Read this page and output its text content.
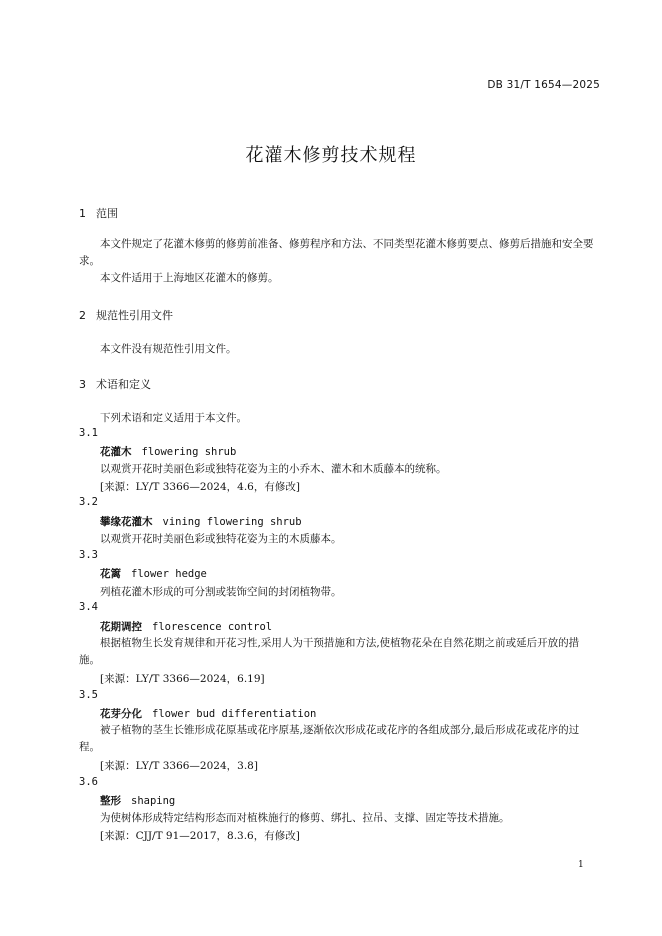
DB 31/T 1654—2025
花灌木修剪技术规程
1 范围
本文件规定了花灌木修剪的修剪前准备、修剪程序和方法、不同类型花灌木修剪要点、修剪后措施和安全要求。
本文件适用于上海地区花灌木的修剪。
2 规范性引用文件
本文件没有规范性引用文件。
3 术语和定义
下列术语和定义适用于本文件。
3.1
花灌木 flowering shrub
以观赏开花时美丽色彩或独特花姿为主的小乔木、灌木和木质藤本的统称。
[来源：LY/T 3366—2024，4.6，有修改]
3.2
攀缘花灌木 vining flowering shrub
以观赏开花时美丽色彩或独特花姿为主的木质藤本。
3.3
花篱 flower hedge
列植花灌木形成的可分割或装饰空间的封闭植物带。
3.4
花期调控 florescence control
根据植物生长发育规律和开花习性,采用人为干预措施和方法,使植物花朵在自然花期之前或延后开放的措施。
[来源：LY/T 3366—2024，6.19]
3.5
花芽分化 flower bud differentiation
被子植物的茎生长锥形成花原基或花序原基,逐渐依次形成花或花序的各组成部分,最后形成花或花序的过程。
[来源：LY/T 3366—2024，3.8]
3.6
整形 shaping
为使树体形成特定结构形态而对植株施行的修剪、绑扎、拉吊、支撑、固定等技术措施。
[来源：CJJ/T 91—2017，8.3.6，有修改]
1
